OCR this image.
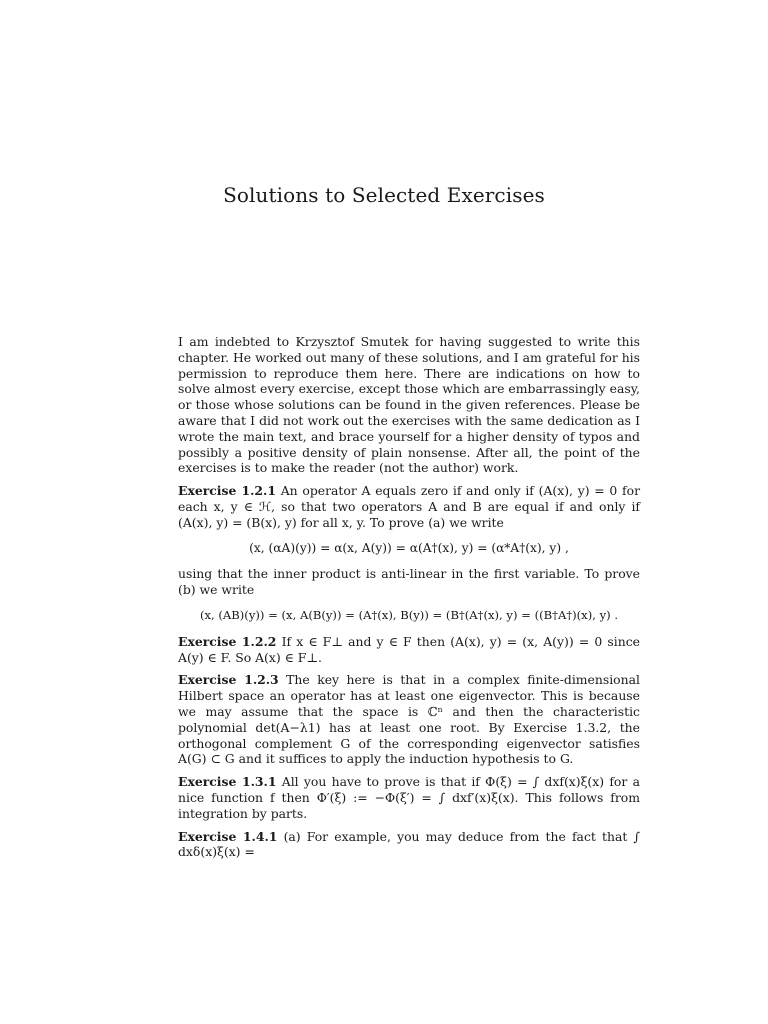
Solutions to Selected Exercises

I am indebted to Krzysztof Smutek for having suggested to write this chapter. He worked out many of these solutions, and I am grateful for his permission to reproduce them here. There are indications on how to solve almost every exercise, except those which are embarrassingly easy, or those whose solutions can be found in the given references. Please be aware that I did not work out the exercises with the same dedication as I wrote the main text, and brace yourself for a higher density of typos and possibly a positive density of plain nonsense. After all, the point of the exercises is to make the reader (not the author) work.

Exercise 1.2.1 An operator A equals zero if and only if (A(x), y) = 0 for each x, y ∈ ℋ, so that two operators A and B are equal if and only if (A(x), y) = (B(x), y) for all x, y. To prove (a) we write

(x, (αA)(y)) = α(x, A(y)) = α(A†(x), y) = (α*A†(x), y) ,

using that the inner product is anti-linear in the first variable. To prove (b) we write

(x, (AB)(y)) = (x, A(B(y)) = (A†(x), B(y)) = (B†(A†(x), y) = ((B†A†)(x), y) .

Exercise 1.2.2 If x ∈ F⊥ and y ∈ F then (A(x), y) = (x, A(y)) = 0 since A(y) ∈ F. So A(x) ∈ F⊥.

Exercise 1.2.3 The key here is that in a complex finite-dimensional Hilbert space an operator has at least one eigenvector. This is because we may assume that the space is ℂⁿ and then the characteristic polynomial det(A−λ1) has at least one root. By Exercise 1.3.2, the orthogonal complement G of the corresponding eigenvector satisfies A(G) ⊂ G and it suffices to apply the induction hypothesis to G.

Exercise 1.3.1 All you have to prove is that if Φ(ξ) = ∫ dxf(x)ξ(x) for a nice function f then Φ′(ξ) := −Φ(ξ′) = ∫ dxf′(x)ξ(x). This follows from integration by parts.

Exercise 1.4.1 (a) For example, you may deduce from the fact that ∫ dxδ(x)ξ(x) =
